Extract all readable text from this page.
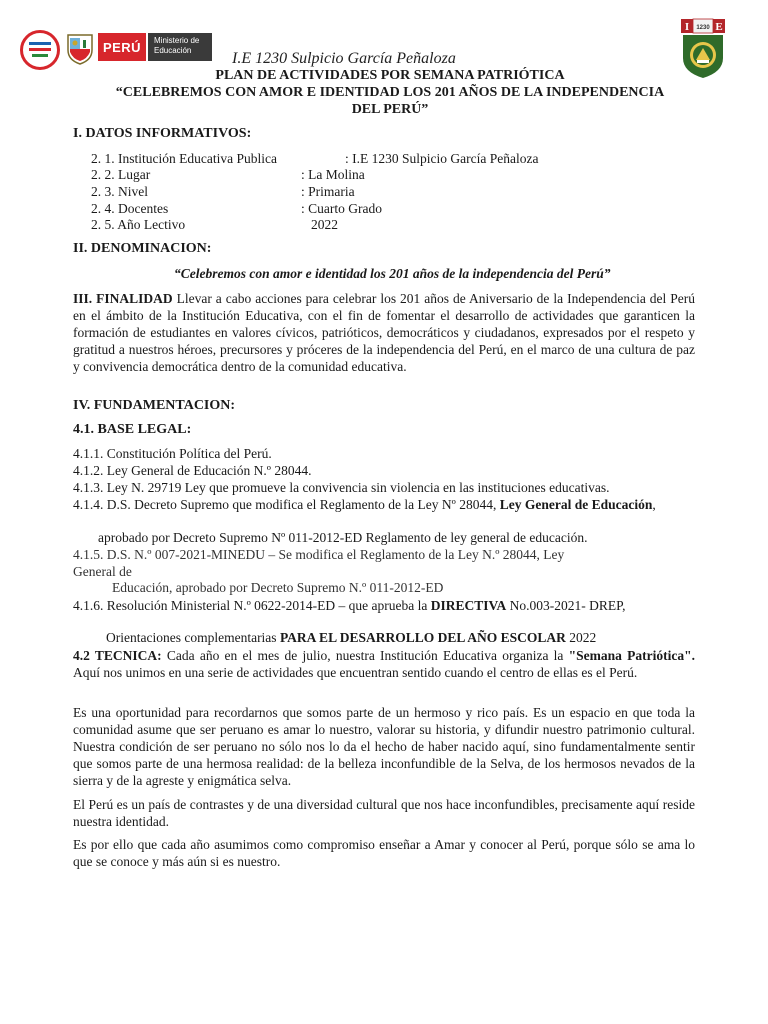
PERÚ	Ministerio de
Educación
I E
1230
I.E 1230 Sulpicio García Peñaloza
PLAN DE ACTIVIDADES POR SEMANA PATRIÓTICA
“CELEBREMOS CON AMOR E IDENTIDAD LOS 201 AÑOS DE LA INDEPENDENCIA
DEL PERÚ”
I. DATOS INFORMATIVOS:
2. 1. Institución Educativa Publica	: I.E 1230 Sulpicio García Peñaloza
2. 2. Lugar	: La Molina
2. 3. Nivel	: Primaria
2. 4. Docentes	: Cuarto Grado
2. 5. Año Lectivo	2022
II. DENOMINACION:
“Celebremos con amor e identidad los 201 años de la independencia del Perú”
III. FINALIDAD Llevar a cabo acciones para celebrar los 201 años de Aniversario de la Independencia del Perú en el ámbito de la Institución Educativa, con el fin de fomentar el desarrollo de actividades que garanticen la formación de estudiantes en valores cívicos, patrióticos, democráticos y ciudadanos, expresados por el respeto y gratitud a nuestros héroes, precursores y próceres de la independencia del Perú, en el marco de una cultura de paz y convivencia democrática dentro de la comunidad educativa.
IV. FUNDAMENTACION:
4.1. BASE LEGAL:
4.1.1. Constitución Política del Perú.
4.1.2. Ley General de Educación N.º 28044.
4.1.3. Ley N. 29719 Ley que promueve la convivencia sin violencia en las instituciones educativas.
4.1.4. D.S. Decreto Supremo que modifica el Reglamento de la Ley Nº 28044, Ley General de Educación,
aprobado por Decreto Supremo Nº 011-2012-ED Reglamento de ley general de educación.
4.1.5. D.S. N.º 007-2021-MINEDU – Se modifica el Reglamento de la Ley N.º 28044, Ley
General de
Educación, aprobado por Decreto Supremo N.º 011-2012-ED
4.1.6. Resolución Ministerial N.º 0622-2014-ED – que aprueba la DIRECTIVA No.003-2021- DREP,
Orientaciones complementarias PARA EL DESARROLLO DEL AÑO ESCOLAR 2022
4.2 TECNICA: Cada año en el mes de julio, nuestra Institución Educativa organiza la "Semana Patriótica". Aquí nos unimos en una serie de actividades que encuentran sentido cuando el centro de ellas es el Perú.
Es una oportunidad para recordarnos que somos parte de un hermoso y rico país. Es un espacio en que toda la comunidad asume que ser peruano es amar lo nuestro, valorar su historia, y difundir nuestro patrimonio cultural. Nuestra condición de ser peruano no sólo nos lo da el hecho de haber nacido aquí, sino fundamentalmente sentir que somos parte de una hermosa realidad: de la belleza inconfundible de la Selva, de los hermosos nevados de la sierra y de la agreste y enigmática selva.
El Perú es un país de contrastes y de una diversidad cultural que nos hace inconfundibles, precisamente aquí reside nuestra identidad.
Es por ello que cada año asumimos como compromiso enseñar a Amar y conocer al Perú, porque sólo se ama lo que se conoce y más aún si es nuestro.
